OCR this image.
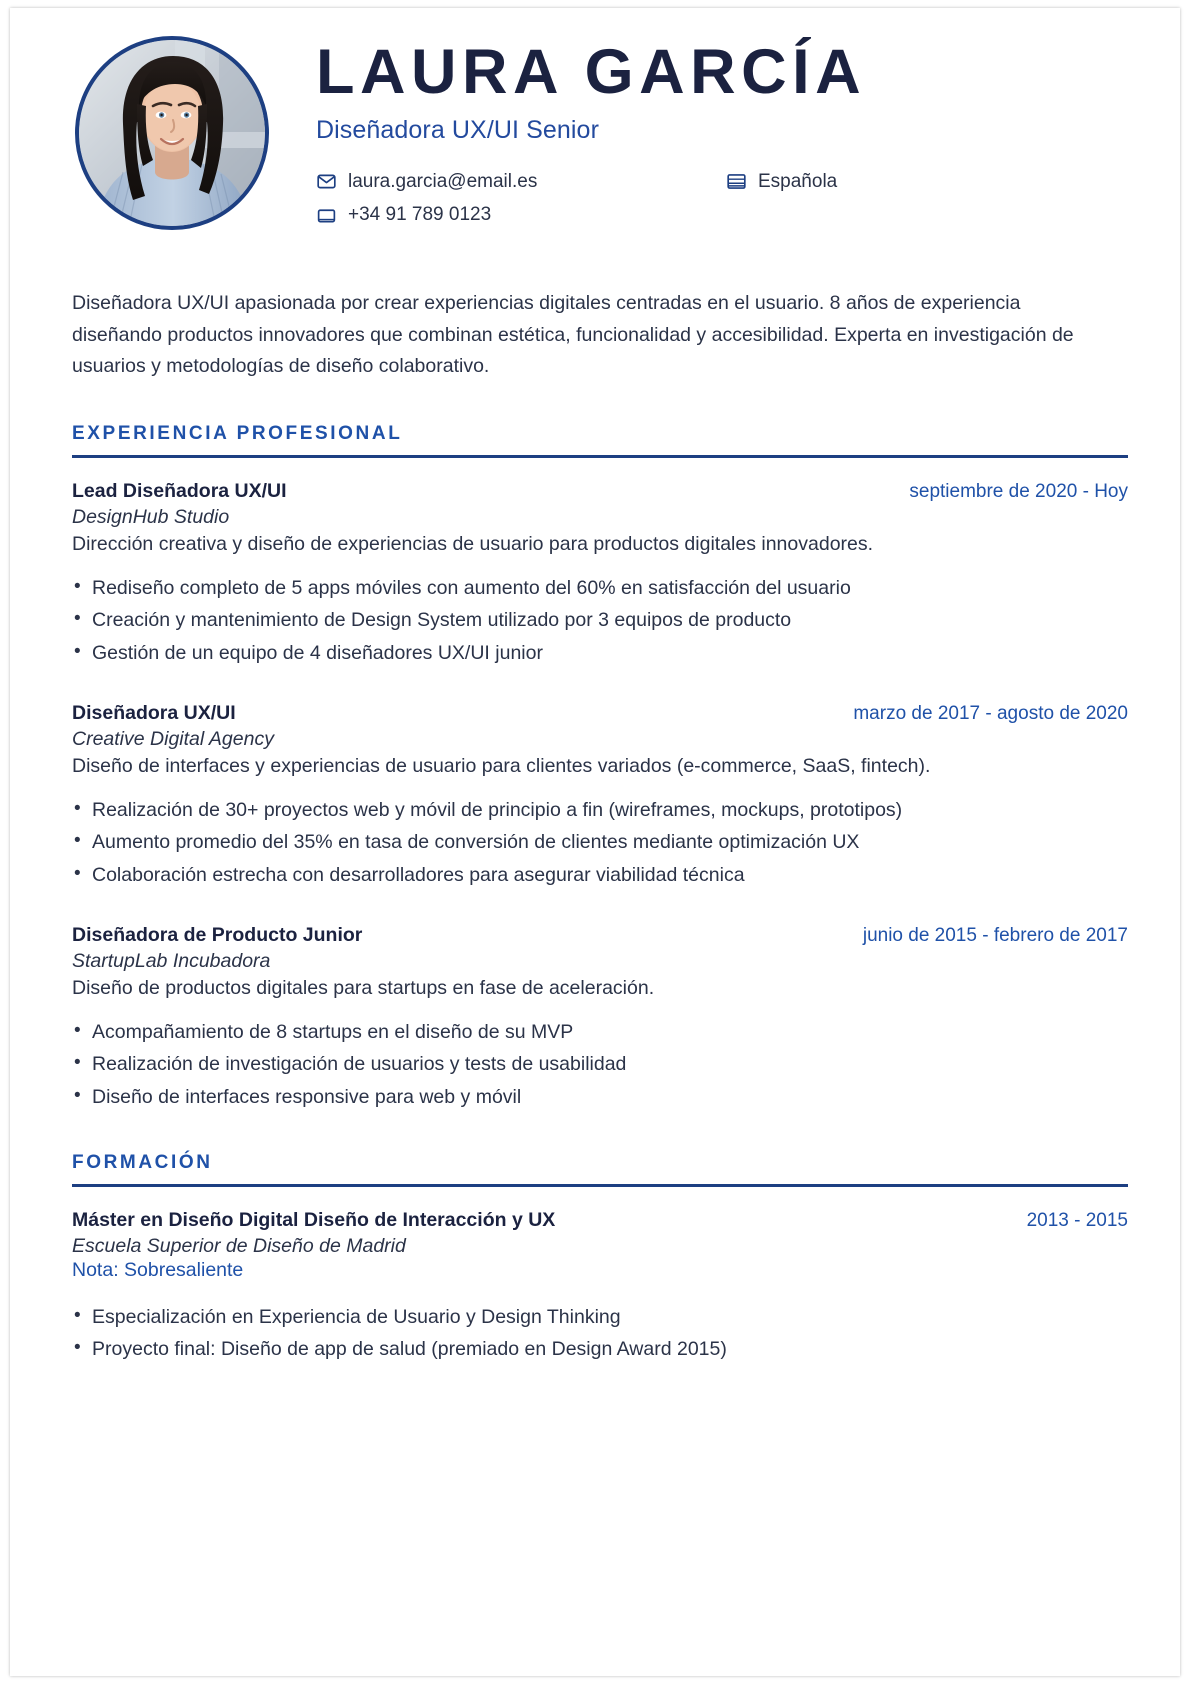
LAURA GARCÍA
Diseñadora UX/UI Senior
laura.garcia@email.es	Española
+34 91 789 0123

Diseñadora UX/UI apasionada por crear experiencias digitales centradas en el usuario. 8 años de experiencia diseñando productos innovadores que combinan estética, funcionalidad y accesibilidad. Experta en investigación de usuarios y metodologías de diseño colaborativo.

EXPERIENCIA PROFESIONAL
Lead Diseñadora UX/UI	septiembre de 2020 - Hoy
DesignHub Studio
Dirección creativa y diseño de experiencias de usuario para productos digitales innovadores.
• Rediseño completo de 5 apps móviles con aumento del 60% en satisfacción del usuario
• Creación y mantenimiento de Design System utilizado por 3 equipos de producto
• Gestión de un equipo de 4 diseñadores UX/UI junior
Diseñadora UX/UI	marzo de 2017 - agosto de 2020
Creative Digital Agency
Diseño de interfaces y experiencias de usuario para clientes variados (e-commerce, SaaS, fintech).
• Realización de 30+ proyectos web y móvil de principio a fin (wireframes, mockups, prototipos)
• Aumento promedio del 35% en tasa de conversión de clientes mediante optimización UX
• Colaboración estrecha con desarrolladores para asegurar viabilidad técnica
Diseñadora de Producto Junior	junio de 2015 - febrero de 2017
StartupLab Incubadora
Diseño de productos digitales para startups en fase de aceleración.
• Acompañamiento de 8 startups en el diseño de su MVP
• Realización de investigación de usuarios y tests de usabilidad
• Diseño de interfaces responsive para web y móvil
FORMACIÓN
Máster en Diseño Digital Diseño de Interacción y UX	2013 - 2015
Escuela Superior de Diseño de Madrid
Nota: Sobresaliente
• Especialización en Experiencia de Usuario y Design Thinking
• Proyecto final: Diseño de app de salud (premiado en Design Award 2015)
